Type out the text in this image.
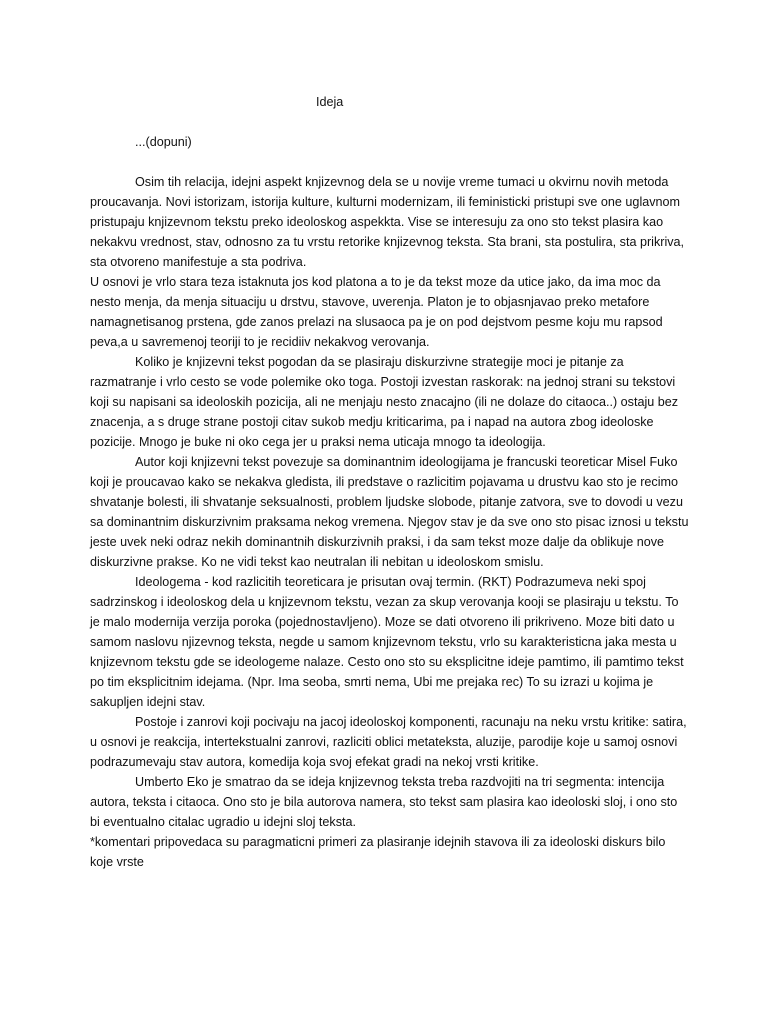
Ideja

...(dopuni)

Osim tih relacija, idejni aspekt knjizevnog dela se u novije vreme tumaci u okvirnu novih metoda proucavanja. Novi istorizam, istorija kulture, kulturni modernizam, ili feministicki pristupi sve one uglavnom pristupaju knjizevnom tekstu preko ideoloskog aspekkta. Vise se interesuju za ono sto tekst plasira kao nekakvu vrednost, stav, odnosno za tu vrstu retorike knjizevnog teksta. Sta brani, sta postulira, sta prikriva, sta otvoreno manifestuje a sta podriva.

U osnovi je vrlo stara teza istaknuta jos kod platona a to je da tekst moze da utice jako, da ima moc da nesto menja, da menja situaciju u drstvu, stavove, uverenja. Platon je to objasnjavao preko metafore namagnetisanog prstena, gde zanos prelazi na slusaoca pa je on pod dejstvom pesme koju mu rapsod peva,a u savremenoj teoriji to je recidiiv nekakvog verovanja.

Koliko je knjizevni tekst pogodan da se plasiraju diskurzivne strategije moci je pitanje za razmatranje i vrlo cesto se vode polemike oko toga. Postoji izvestan raskorak: na jednoj strani su tekstovi koji su napisani sa ideoloskih pozicija, ali ne menjaju nesto znacajno (ili ne dolaze do citaoca..) ostaju bez znacenja, a s druge strane postoji citav sukob medju kriticarima, pa i napad na autora zbog ideoloske pozicije. Mnogo je buke ni oko cega jer u praksi nema uticaja mnogo ta ideologija.

Autor koji knjizevni tekst povezuje sa dominantnim ideologijama je francuski teoreticar Misel Fuko koji je proucavao kako se nekakva gledista, ili predstave o razlicitim pojavama u drustvu kao sto je recimo shvatanje bolesti, ili shvatanje seksualnosti, problem ljudske slobode, pitanje zatvora, sve to dovodi u vezu sa dominantnim diskurzivnim praksama nekog vremena. Njegov stav je da sve ono sto pisac iznosi u tekstu jeste uvek neki odraz nekih dominantnih diskurzivnih praksi, i da sam tekst moze dalje da oblikuje nove diskurzivne prakse. Ko ne vidi tekst kao neutralan ili nebitan u ideoloskom smislu.

Ideologema - kod razlicitih teoreticara je prisutan ovaj termin. (RKT) Podrazumeva neki spoj sadrzinskog i ideoloskog dela u knjizevnom tekstu, vezan za skup verovanja kooji se plasiraju u tekstu. To je malo modernija verzija poroka (pojednostavljeno). Moze se dati otvoreno ili prikriveno. Moze biti dato u samom naslovu njizevnog teksta, negde u samom knjizevnom tekstu, vrlo su karakteristicna jaka mesta u knjizevnom tekstu gde se ideologeme nalaze. Cesto ono sto su eksplicitne ideje pamtimo, ili pamtimo tekst po tim eksplicitnim idejama. (Npr. Ima seoba, smrti nema, Ubi me prejaka rec) To su izrazi u kojima je sakupljen idejni stav.

Postoje i zanrovi koji pocivaju na jacoj ideoloskoj komponenti, racunaju na neku vrstu kritike: satira, u osnovi je reakcija, intertekstualni zanrovi, razliciti oblici metateksta, aluzije, parodije koje u samoj osnovi podrazumevaju stav autora, komedija koja svoj efekat gradi na nekoj vrsti kritike.

Umberto Eko je smatrao da se ideja knjizevnog teksta treba razdvojiti na tri segmenta: intencija autora, teksta i citaoca. Ono sto je bila autorova namera, sto tekst sam plasira kao ideoloski sloj, i ono sto bi eventualno citalac ugradio u idejni sloj teksta.

*komentari pripovedaca su paragmaticni primeri za plasiranje idejnih stavova ili za ideoloski diskurs bilo koje vrste
